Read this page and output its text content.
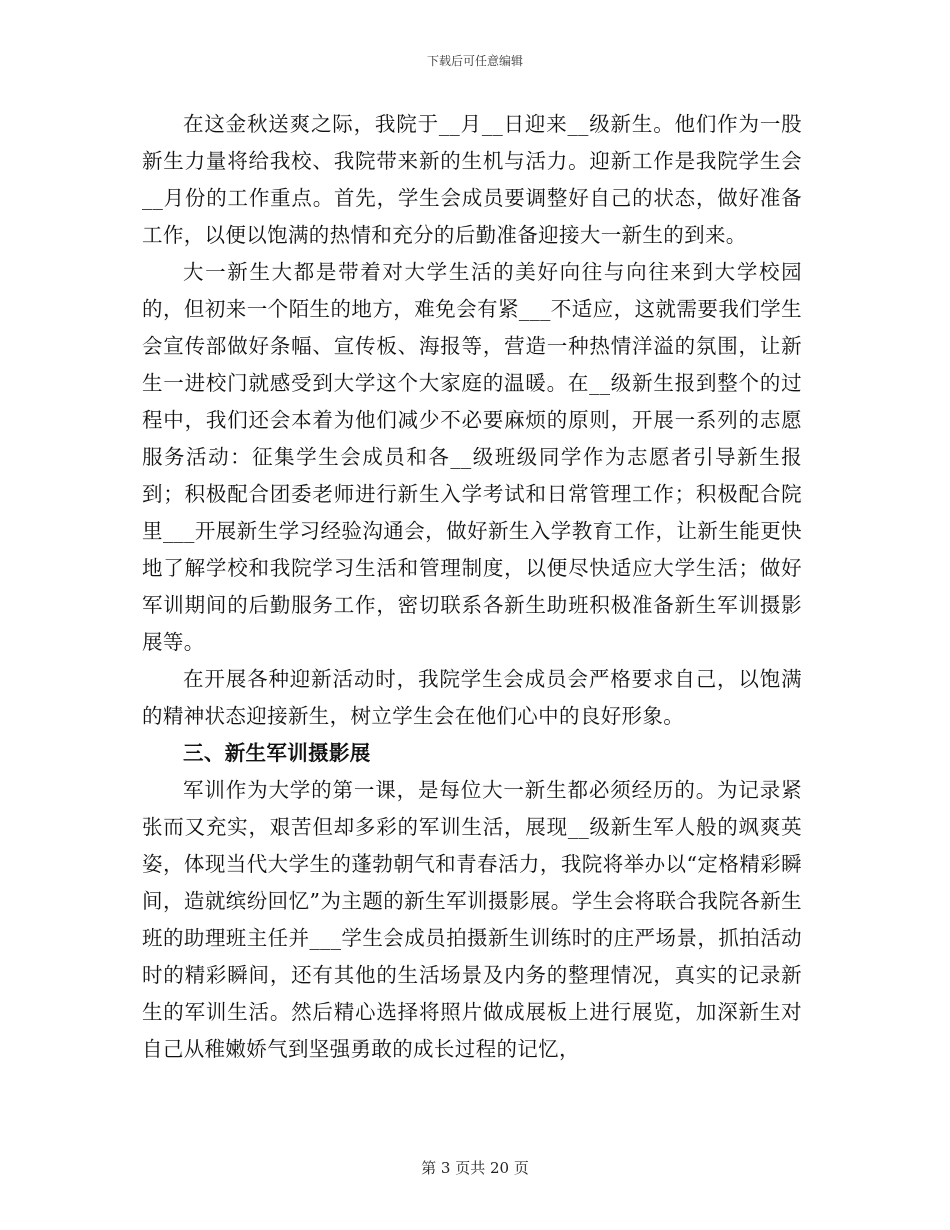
下载后可任意编辑

在这金秋送爽之际，我院于__月__日迎来__级新生。他们作为一股新生力量将给我校、我院带来新的生机与活力。迎新工作是我院学生会__月份的工作重点。首先，学生会成员要调整好自己的状态，做好准备工作，以便以饱满的热情和充分的后勤准备迎接大一新生的到来。

大一新生大都是带着对大学生活的美好向往与向往来到大学校园的，但初来一个陌生的地方，难免会有紧___不适应，这就需要我们学生会宣传部做好条幅、宣传板、海报等，营造一种热情洋溢的氛围，让新生一进校门就感受到大学这个大家庭的温暖。在__级新生报到整个的过程中，我们还会本着为他们减少不必要麻烦的原则，开展一系列的志愿服务活动：征集学生会成员和各__级班级同学作为志愿者引导新生报到；积极配合团委老师进行新生入学考试和日常管理工作；积极配合院里___开展新生学习经验沟通会，做好新生入学教育工作，让新生能更快地了解学校和我院学习生活和管理制度，以便尽快适应大学生活；做好军训期间的后勤服务工作，密切联系各新生助班积极准备新生军训摄影展等。

在开展各种迎新活动时，我院学生会成员会严格要求自己，以饱满的精神状态迎接新生，树立学生会在他们心中的良好形象。

三、新生军训摄影展

军训作为大学的第一课，是每位大一新生都必须经历的。为记录紧张而又充实，艰苦但却多彩的军训生活，展现__级新生军人般的飒爽英姿，体现当代大学生的蓬勃朝气和青春活力，我院将举办以“定格精彩瞬间，造就缤纷回忆”为主题的新生军训摄影展。学生会将联合我院各新生班的助理班主任并___学生会成员拍摄新生训练时的庄严场景，抓拍活动时的精彩瞬间，还有其他的生活场景及内务的整理情况，真实的记录新生的军训生活。然后精心选择将照片做成展板上进行展览，加深新生对自己从稚嫩娇气到坚强勇敢的成长过程的记忆，

第 3 页共 20 页
